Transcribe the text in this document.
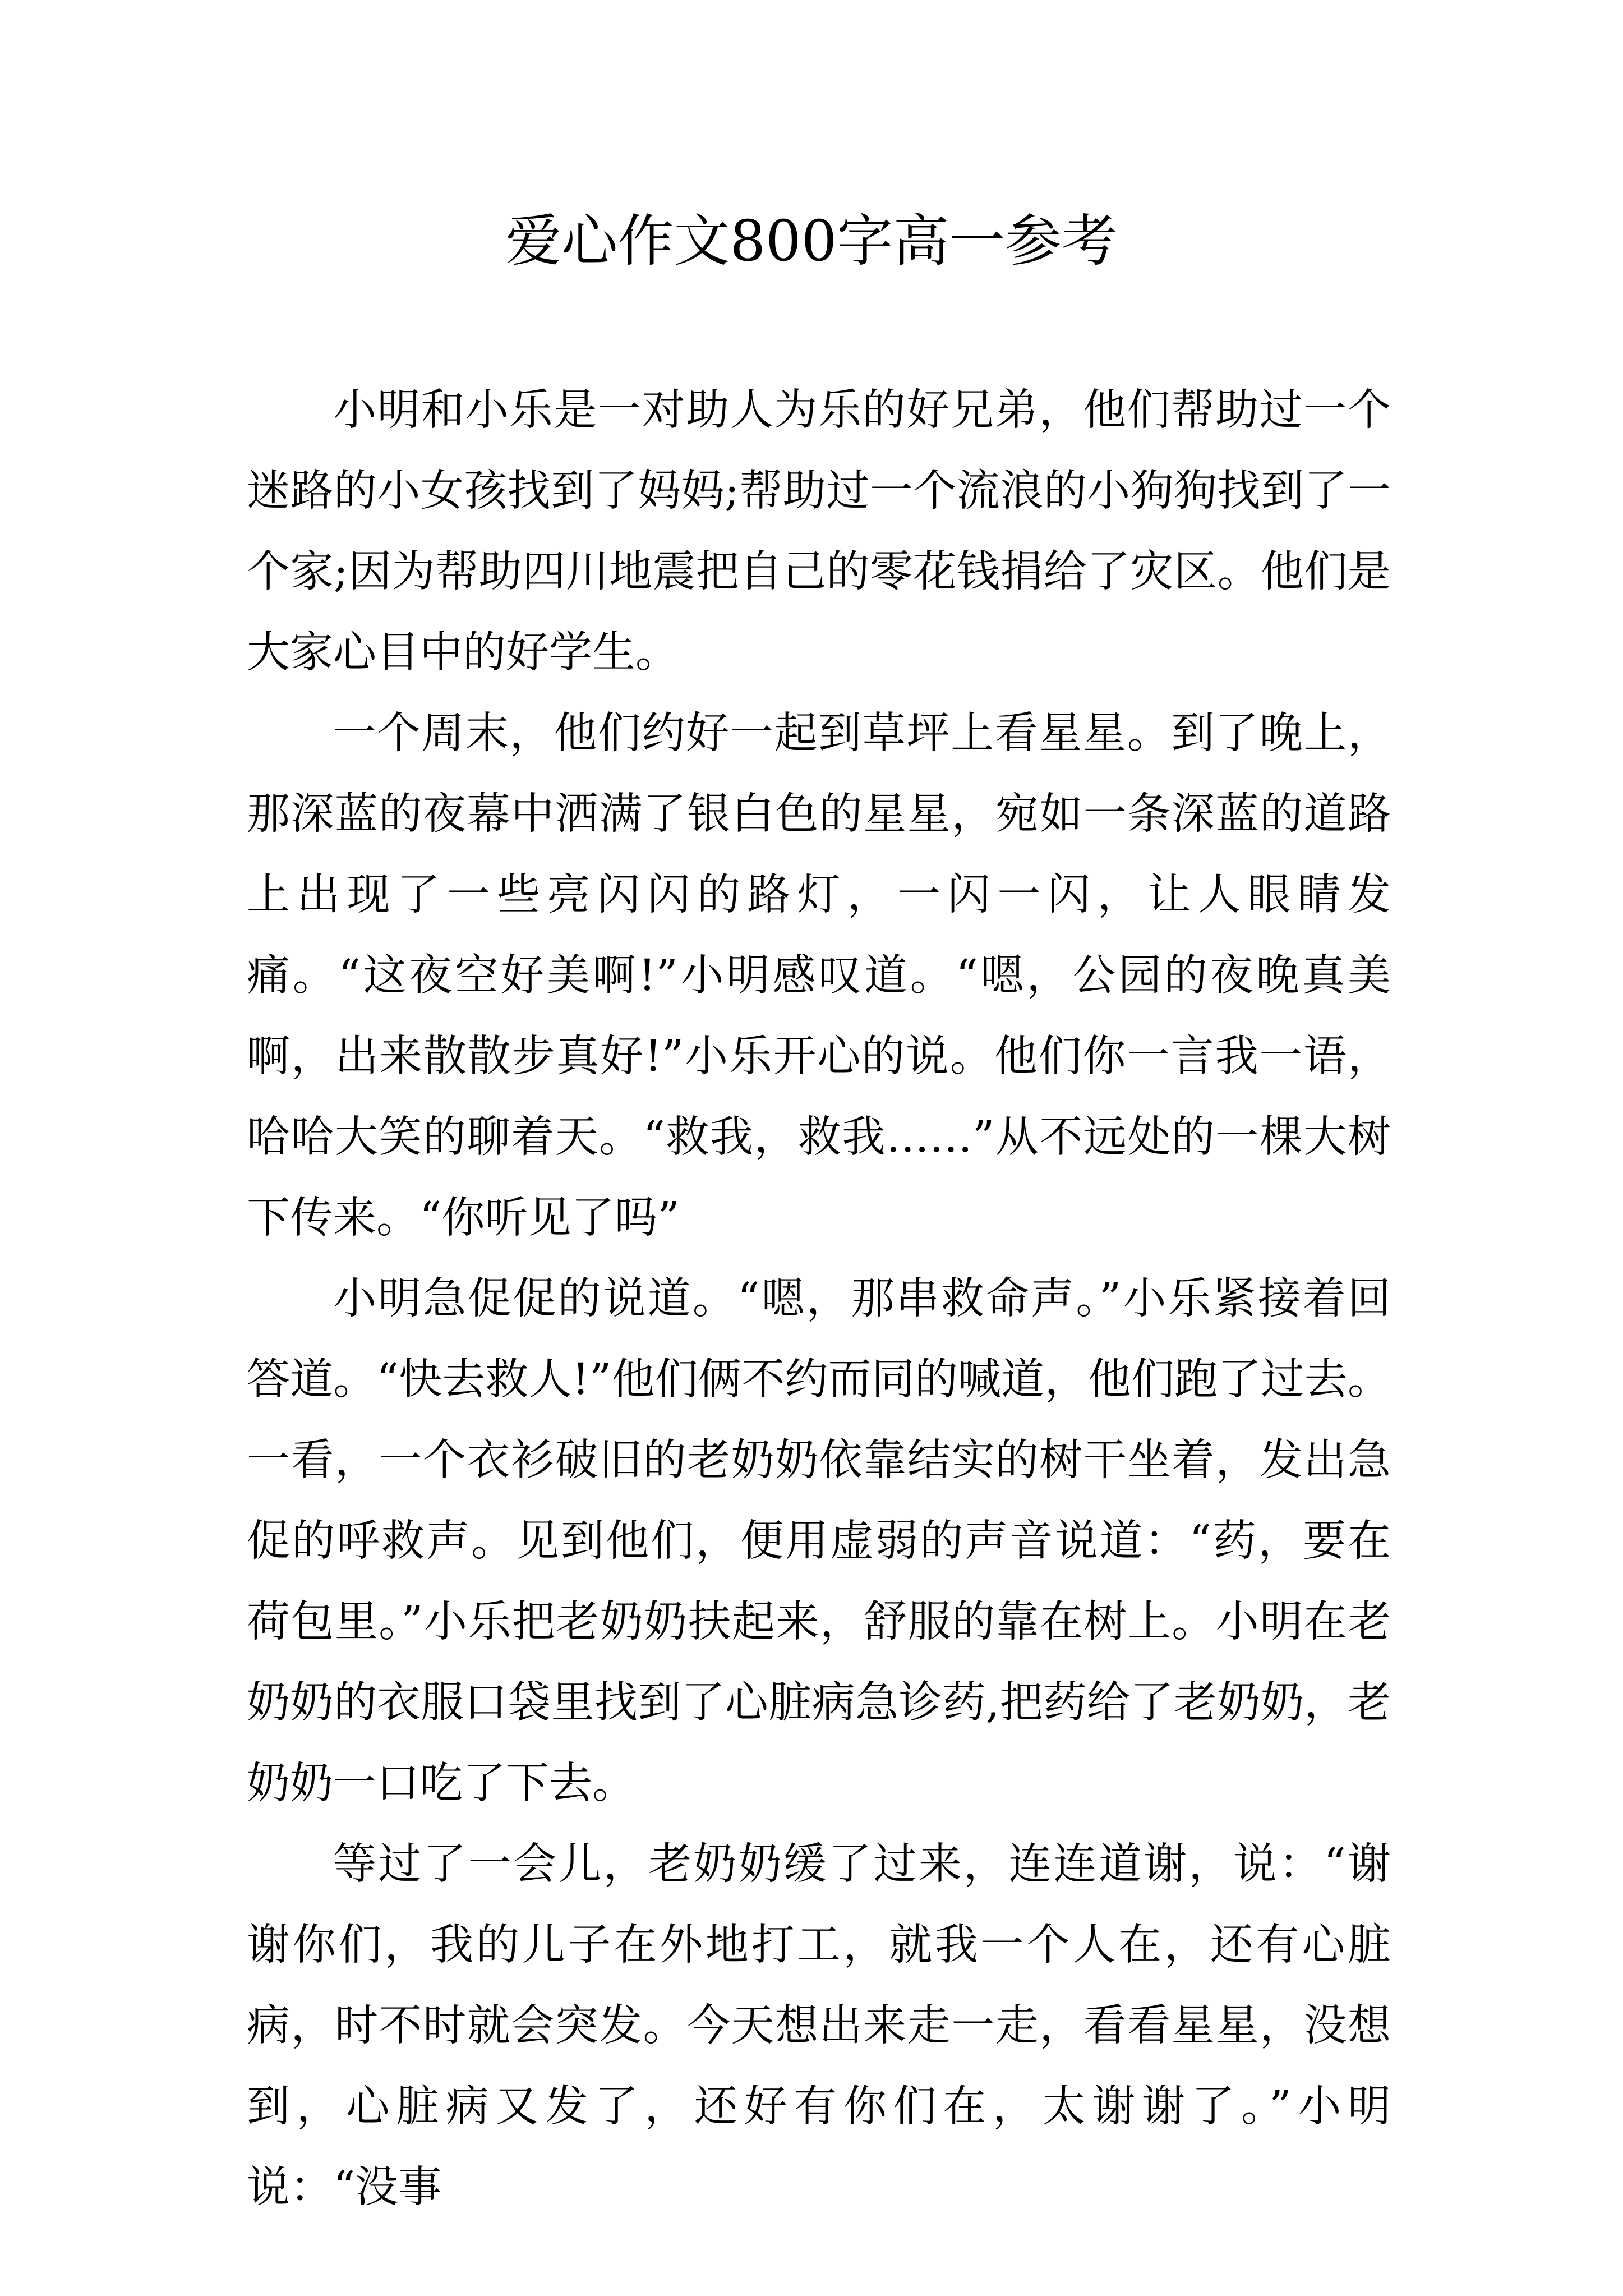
爱心作文800字高一参考

小明和小乐是一对助人为乐的好兄弟，他们帮助过一个迷路的小女孩找到了妈妈;帮助过一个流浪的小狗狗找到了一个家;因为帮助四川地震把自己的零花钱捐给了灾区。他们是大家心目中的好学生。

一个周末，他们约好一起到草坪上看星星。到了晚上，那深蓝的夜幕中洒满了银白色的星星，宛如一条深蓝的道路上出现了一些亮闪闪的路灯，一闪一闪，让人眼睛发痛。“这夜空好美啊!”小明感叹道。“嗯，公园的夜晚真美啊，出来散散步真好!”小乐开心的说。他们你一言我一语，哈哈大笑的聊着天。“救我，救我……”从不远处的一棵大树下传来。“你听见了吗”

小明急促促的说道。“嗯，那串救命声。”小乐紧接着回答道。“快去救人!”他们俩不约而同的喊道，他们跑了过去。一看，一个衣衫破旧的老奶奶依靠结实的树干坐着，发出急促的呼救声。见到他们，便用虚弱的声音说道：“药，要在荷包里。”小乐把老奶奶扶起来，舒服的靠在树上。小明在老奶奶的衣服口袋里找到了心脏病急诊药,把药给了老奶奶，老奶奶一口吃了下去。

等过了一会儿，老奶奶缓了过来，连连道谢，说：“谢谢你们，我的儿子在外地打工，就我一个人在，还有心脏病，时不时就会突发。今天想出来走一走，看看星星，没想到，心脏病又发了，还好有你们在，太谢谢了。”小明说：“没事
